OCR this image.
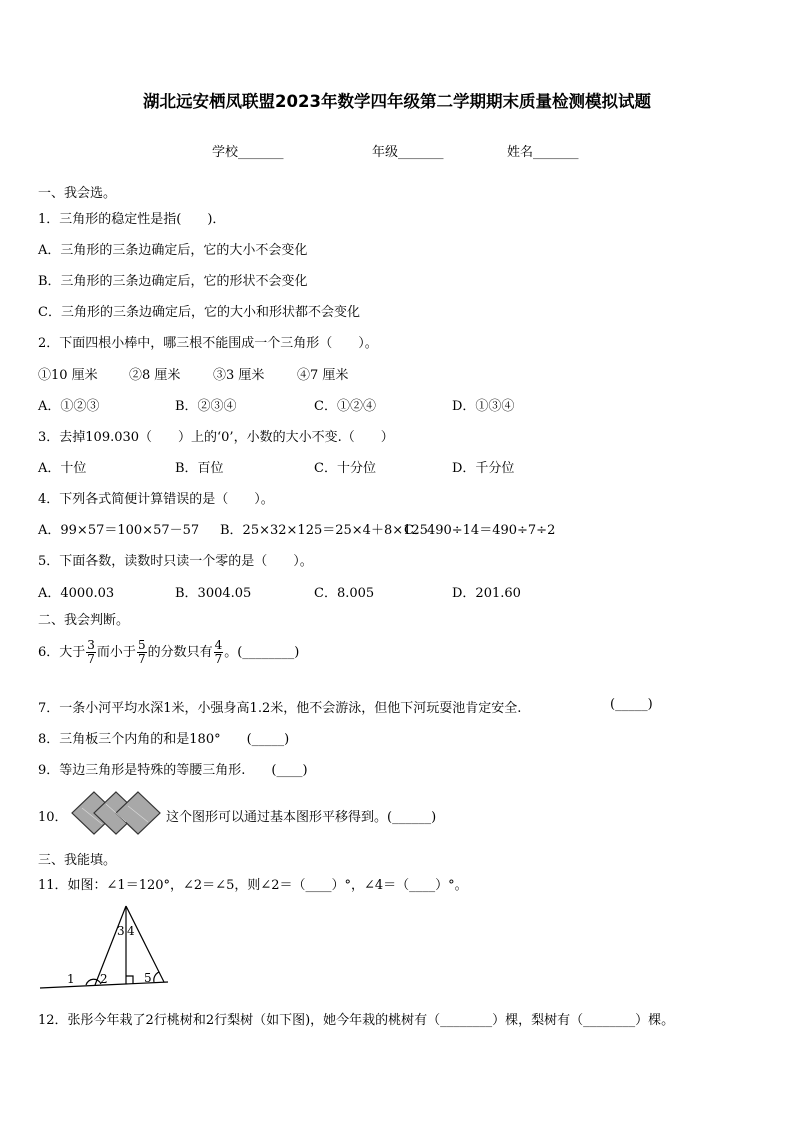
湖北远安栖凤联盟2023年数学四年级第二学期期末质量检测模拟试题
学校_______	年级_______	姓名_______
一、我会选。
1．三角形的稳定性是指(　　)．
A．三角形的三条边确定后，它的大小不会变化
B．三角形的三条边确定后，它的形状不会变化
C．三角形的三条边确定后，它的大小和形状都不会变化
2．下面四根小棒中，哪三根不能围成一个三角形（　　）。
①10 厘米 ②8 厘米	③3 厘米	④7 厘米
A．①②③	B．②③④	C．①②④	D．①③④
3．去掉109.030（　　）上的‘0’，小数的大小不变.（　　）
A．十位	B．百位	C．十分位	D．千分位
4．下列各式简便计算错误的是（　　）。
A．99×57＝100×57－57 B．25×32×125＝25×4＋8×125
C．490÷14＝490÷7÷2
5．下面各数，读数时只读一个零的是（　　）。
A．4000.03	B．3004.05	C．8.005	D．201.60
二、我会判断。
6．大于 $\frac{3}{7}$ 而小于 $\frac{5}{7}$ 的分数只有 $\frac{4}{7}$ 。(________)
7．一条小河平均水深1米，小强身高1.2米，他不会游泳，但他下河玩耍池肯定安全.	(_____)
8．三角板三个内角的和是180°　　(_____)
9．等边三角形是特殊的等腰三角形.　　(____)
10．	这个图形可以通过基本图形平移得到。(______)
三、我能填。
11．如图：∠1＝120°，∠2＝∠5，则∠2＝（____）°，∠4＝（____）°。
1 2
3 4
5
12．张彤今年栽了2行桃树和2行梨树（如下图)，她今年栽的桃树有（________）棵，梨树有（________）棵。
